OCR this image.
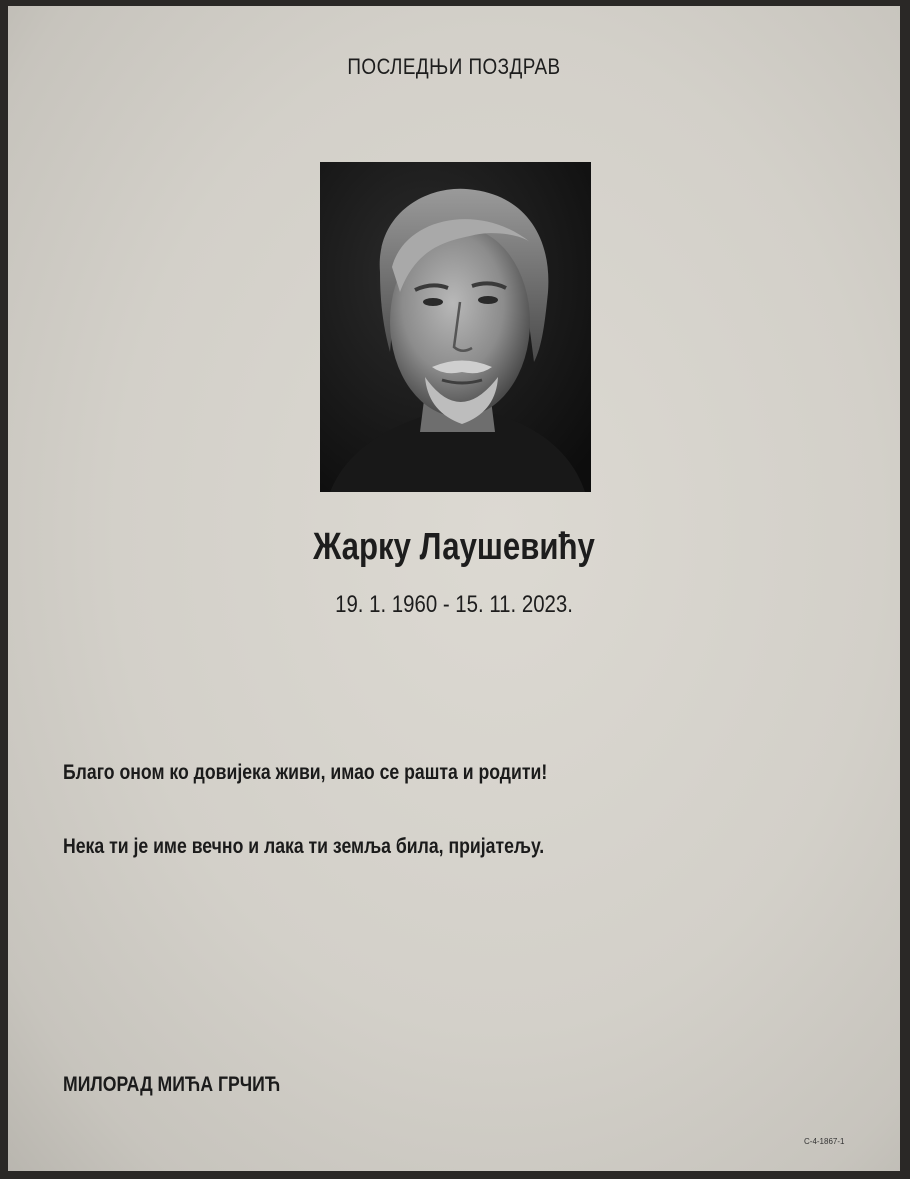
ПОСЛЕДЊИ ПОЗДРАВ
Жарку Лаушевићу
19. 1. 1960 - 15. 11. 2023.
Благо оном ко довијека живи, имао се рашта и родити!
Нека ти је име вечно и лака ти земља била, пријатељу.
МИЛОРАД МИЋА ГРЧИЋ
С-4-1867-1
